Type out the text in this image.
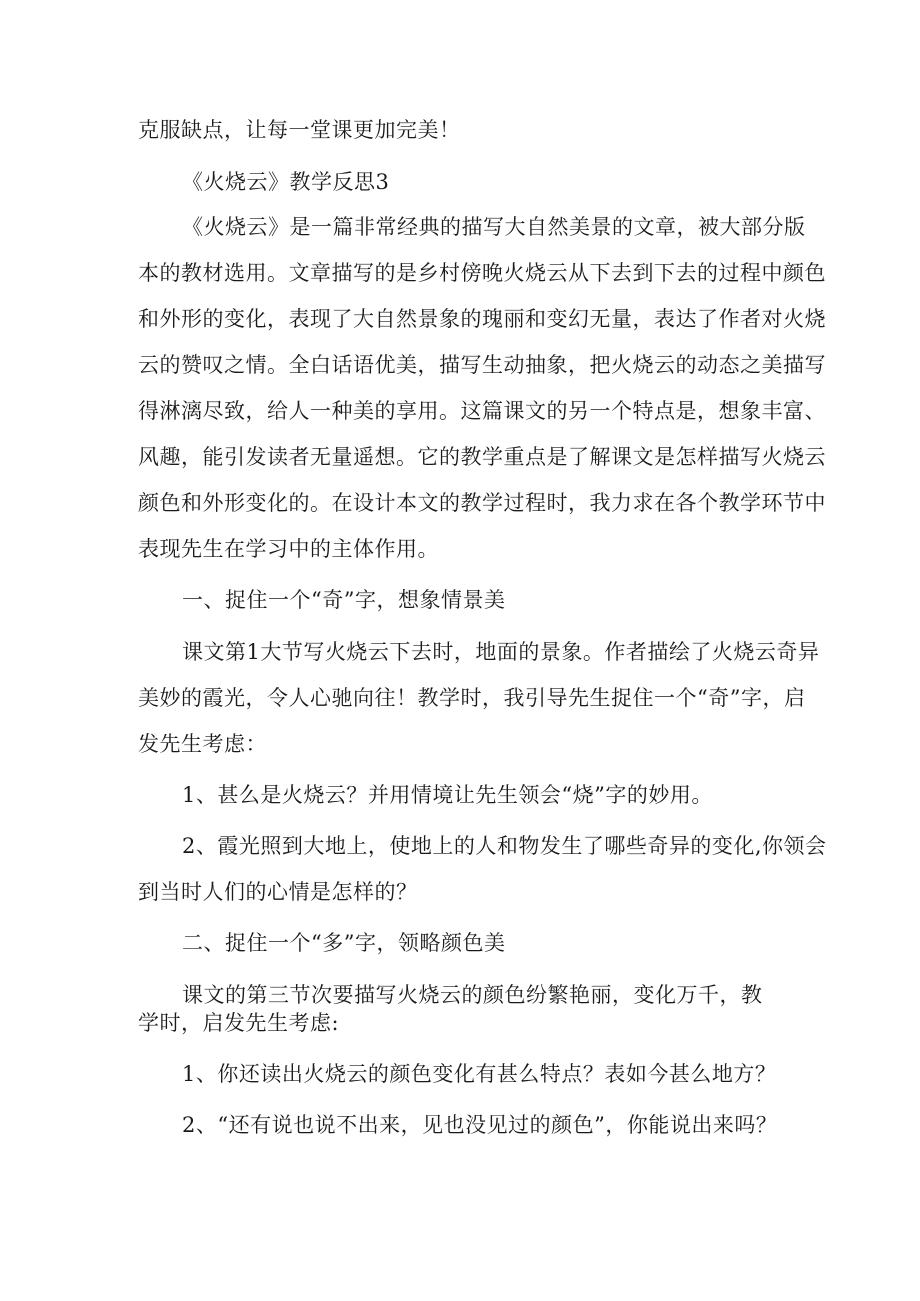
克服缺点，让每一堂课更加完美！
《火烧云》教学反思3
《火烧云》是一篇非常经典的描写大自然美景的文章，被大部分版
本的教材选用。文章描写的是乡村傍晚火烧云从下去到下去的过程中颜色
和外形的变化，表现了大自然景象的瑰丽和变幻无量，表达了作者对火烧
云的赞叹之情。全白话语优美，描写生动抽象，把火烧云的动态之美描写
得淋漓尽致，给人一种美的享用。这篇课文的另一个特点是，想象丰富、
风趣，能引发读者无量遥想。它的教学重点是了解课文是怎样描写火烧云
颜色和外形变化的。在设计本文的教学过程时，我力求在各个教学环节中
表现先生在学习中的主体作用。
一、捉住一个“奇”字，想象情景美
课文第1大节写火烧云下去时，地面的景象。作者描绘了火烧云奇异
美妙的霞光，令人心驰向往！教学时，我引导先生捉住一个“奇”字，启
发先生考虑：
1、甚么是火烧云？并用情境让先生领会“烧”字的妙用。
2、霞光照到大地上，使地上的人和物发生了哪些奇异的变化,你领会
到当时人们的心情是怎样的？
二、捉住一个“多”字，领略颜色美
课文的第三节次要描写火烧云的颜色纷繁艳丽，变化万千，教
学时，启发先生考虑:
1、你还读出火烧云的颜色变化有甚么特点？表如今甚么地方？
2、“还有说也说不出来，见也没见过的颜色”，你能说出来吗？
